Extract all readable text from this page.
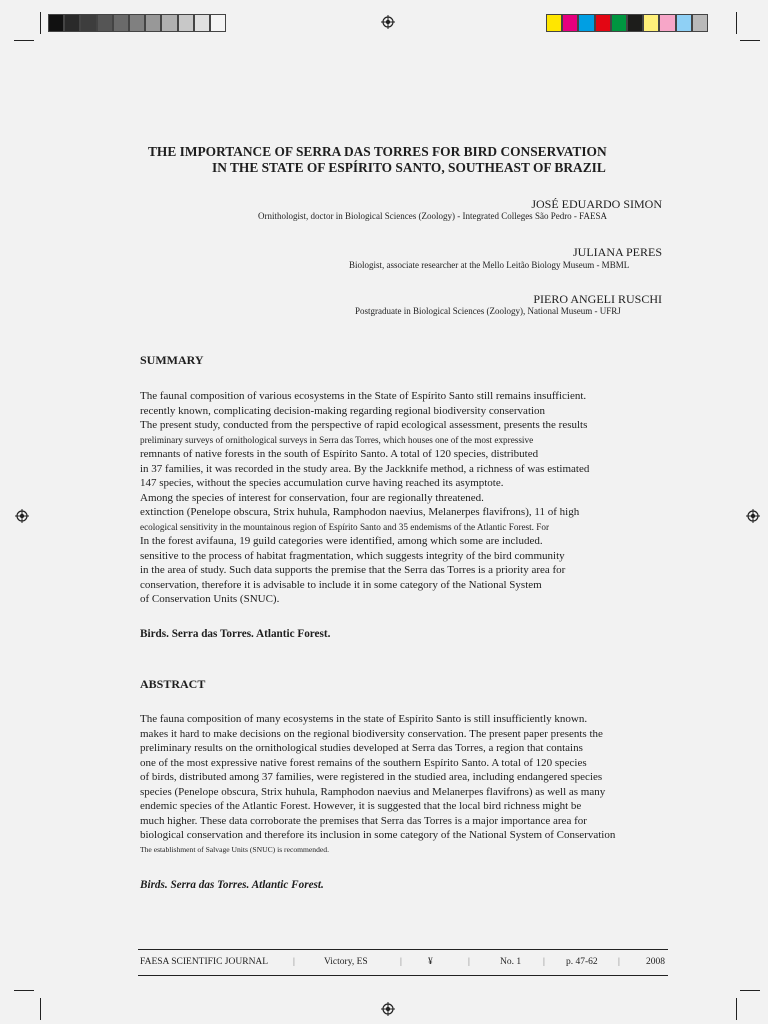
THE IMPORTANCE OF SERRA DAS TORRES FOR BIRD CONSERVATION
IN THE STATE OF ESPÍRITO SANTO, SOUTHEAST OF BRAZIL
JOSÉ EDUARDO SIMON
Ornithologist, doctor in Biological Sciences (Zoology) - Integrated Colleges São Pedro - FAESA
JULIANA PERES
Biologist, associate researcher at the Mello Leitão Biology Museum - MBML
PIERO ANGELI RUSCHI
Postgraduate in Biological Sciences (Zoology), National Museum - UFRJ
SUMMARY
The faunal composition of various ecosystems in the State of Espírito Santo still remains insufficient.
recently known, complicating decision-making regarding regional biodiversity conservation
The present study, conducted from the perspective of rapid ecological assessment, presents the results
preliminary surveys of ornithological surveys in Serra das Torres, which houses one of the most expressive
remnants of native forests in the south of Espírito Santo. A total of 120 species, distributed
in 37 families, it was recorded in the study area. By the Jackknife method, a richness of was estimated
147 species, without the species accumulation curve having reached its asymptote.
Among the species of interest for conservation, four are regionally threatened.
extinction (Penelope obscura, Strix huhula, Ramphodon naevius, Melanerpes flavifrons), 11 of high
ecological sensitivity in the mountainous region of Espírito Santo and 35 endemisms of the Atlantic Forest. For
In the forest avifauna, 19 guild categories were identified, among which some are included.
sensitive to the process of habitat fragmentation, which suggests integrity of the bird community
in the area of study. Such data supports the premise that the Serra das Torres is a priority area for
conservation, therefore it is advisable to include it in some category of the National System
of Conservation Units (SNUC).
Birds. Serra das Torres. Atlantic Forest.
ABSTRACT
The fauna composition of many ecosystems in the state of Espírito Santo is still insufficiently known.
makes it hard to make decisions on the regional biodiversity conservation. The present paper presents the
preliminary results on the ornithological studies developed at Serra das Torres, a region that contains
one of the most expressive native forest remains of the southern Espírito Santo. A total of 120 species
of birds, distributed among 37 families, were registered in the studied area, including endangered species
species (Penelope obscura, Strix huhula, Ramphodon naevius and Melanerpes flavifrons) as well as many
endemic species of the Atlantic Forest. However, it is suggested that the local bird richness might be
much higher. These data corroborate the premises that Serra das Torres is a major importance area for
biological conservation and therefore its inclusion in some category of the National System of Conservation
The establishment of Salvage Units (SNUC) is recommended.
Birds. Serra das Torres. Atlantic Forest.
FAESA SCIENTIFIC JOURNAL	|	Victory, ES	|	¥	|	No. 1 | p. 47-62 |	2008
